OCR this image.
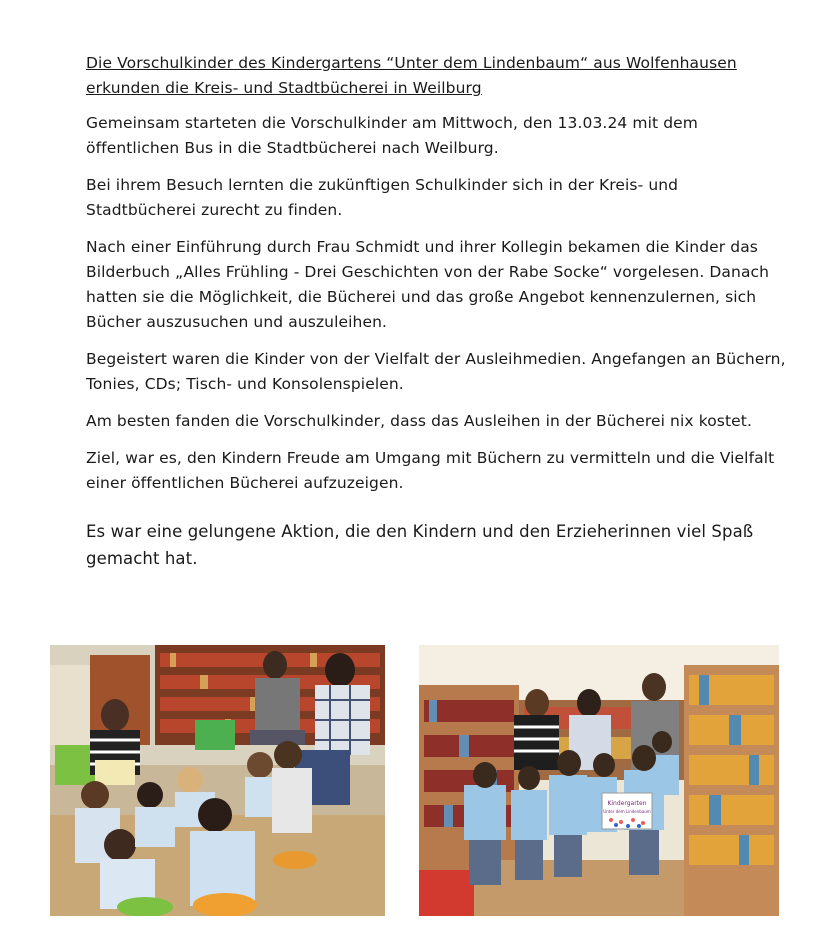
Die Vorschulkinder des Kindergartens “Unter dem Lindenbaum“ aus Wolfenhausen
erkunden die Kreis- und Stadtbücherei in Weilburg

Gemeinsam starteten die Vorschulkinder am Mittwoch, den 13.03.24 mit dem öffentlichen Bus in die Stadtbücherei nach Weilburg.

Bei ihrem Besuch lernten die zukünftigen Schulkinder sich in der Kreis- und Stadtbücherei zurecht zu finden.

Nach einer Einführung durch Frau Schmidt und ihrer Kollegin bekamen die Kinder das Bilderbuch „Alles Frühling - Drei Geschichten von der Rabe Socke“ vorgelesen. Danach hatten sie die Möglichkeit, die Bücherei und das große Angebot kennenzulernen, sich Bücher auszusuchen und auszuleihen.

Begeistert waren die Kinder von der Vielfalt der Ausleihmedien. Angefangen an Büchern, Tonies, CDs; Tisch- und Konsolenspielen.

Am besten fanden die Vorschulkinder, dass das Ausleihen in der Bücherei nix kostet.

Ziel, war es, den Kindern Freude am Umgang mit Büchern zu vermitteln und die Vielfalt einer öffentlichen Bücherei aufzuzeigen.

Es war eine gelungene Aktion, die den Kindern und den Erzieherinnen viel Spaß gemacht hat.

Kindergarten
Unter dem Lindenbaum
